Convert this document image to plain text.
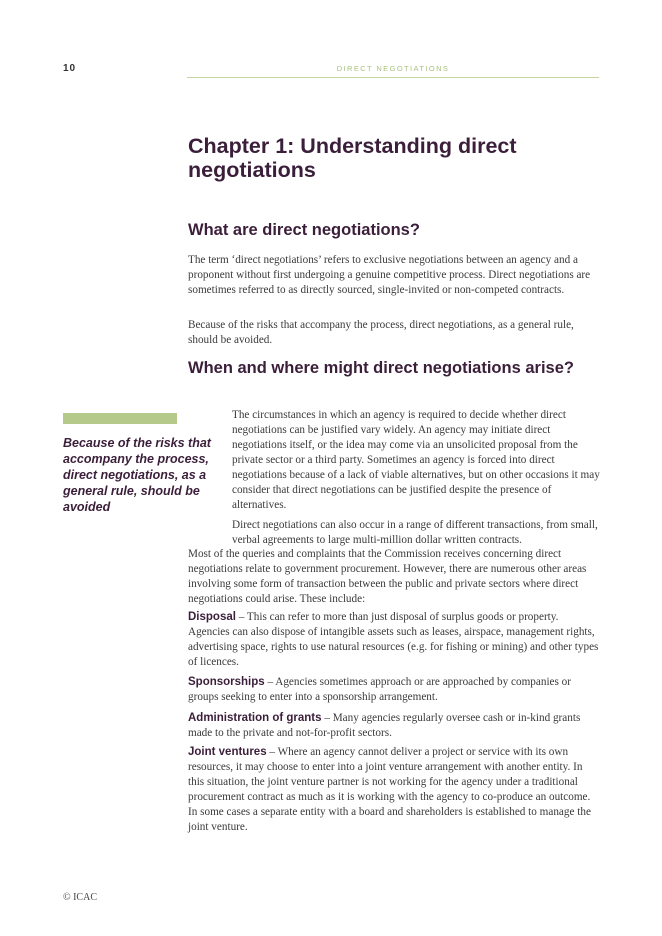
10	DIRECT NEGOTIATIONS
Chapter 1: Understanding direct negotiations
What are direct negotiations?

The term ‘direct negotiations’ refers to exclusive negotiations between an agency and a proponent without first undergoing a genuine competitive process. Direct negotiations are sometimes referred to as directly sourced, single-invited or non-competed contracts.

Because of the risks that accompany the process, direct negotiations, as a general rule, should be avoided.

When and where might direct negotiations arise?

Because of the risks that accompany the process, direct negotiations, as a general rule, should be avoided

The circumstances in which an agency is required to decide whether direct negotiations can be justified vary widely. An agency may initiate direct negotiations itself, or the idea may come via an unsolicited proposal from the private sector or a third party. Sometimes an agency is forced into direct negotiations because of a lack of viable alternatives, but on other occasions it may consider that direct negotiations can be justified despite the presence of alternatives.

Direct negotiations can also occur in a range of different transactions, from small, verbal agreements to large multi-million dollar written contracts.

Most of the queries and complaints that the Commission receives concerning direct negotiations relate to government procurement. However, there are numerous other areas involving some form of transaction between the public and private sectors where direct negotiations could arise. These include:

Disposal – This can refer to more than just disposal of surplus goods or property. Agencies can also dispose of intangible assets such as leases, airspace, management rights, advertising space, rights to use natural resources (e.g. for fishing or mining) and other types of licences.

Sponsorships – Agencies sometimes approach or are approached by companies or groups seeking to enter into a sponsorship arrangement.

Administration of grants – Many agencies regularly oversee cash or in-kind grants made to the private and not-for-profit sectors.

Joint ventures – Where an agency cannot deliver a project or service with its own resources, it may choose to enter into a joint venture arrangement with another entity. In this situation, the joint venture partner is not working for the agency under a traditional procurement contract as much as it is working with the agency to co-produce an outcome. In some cases a separate entity with a board and shareholders is established to manage the joint venture.

© ICAC
